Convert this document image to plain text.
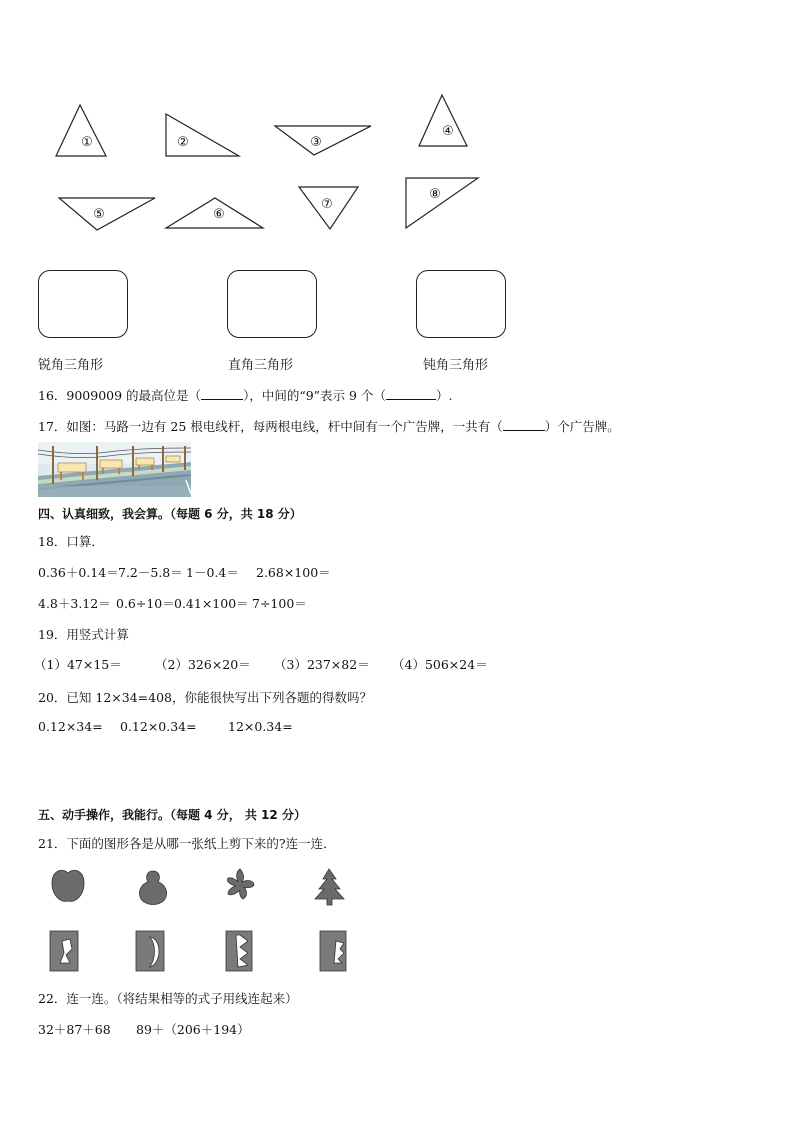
①	②	③
④
⑤	⑥
⑦
⑧
锐角三角形	直角三角形	钝角三角形
16．9009009 的最高位是（	），中间的“9”表示 9 个（	）.
17．如图：马路一边有 25 根电线杆，每两根电线，杆中间有一个广告牌，一共有（	）个广告牌。
四、认真细致，我会算。（每题 6 分，共 18 分）
18．口算．
0.36＋0.14＝ 7.2－5.8＝ 1－0.4＝ 2.68×100＝
4.8＋3.12＝ 0.6÷10＝ 0.41×100＝ 7÷100＝
19．用竖式计算
（1）47×15＝	（2）326×20＝ （3）237×82＝ （4）506×24＝
20．已知 12×34=408，你能很快写出下列各题的得数吗？
0.12×34= 0.12×0.34=	12×0.34=
五、动手操作，我能行。（每题 4 分， 共 12 分）
21．下面的图形各是从哪一张纸上剪下来的?连一连．
22．连一连。（将结果相等的式子用线连起来）
32＋87＋68 89＋（206＋194）
